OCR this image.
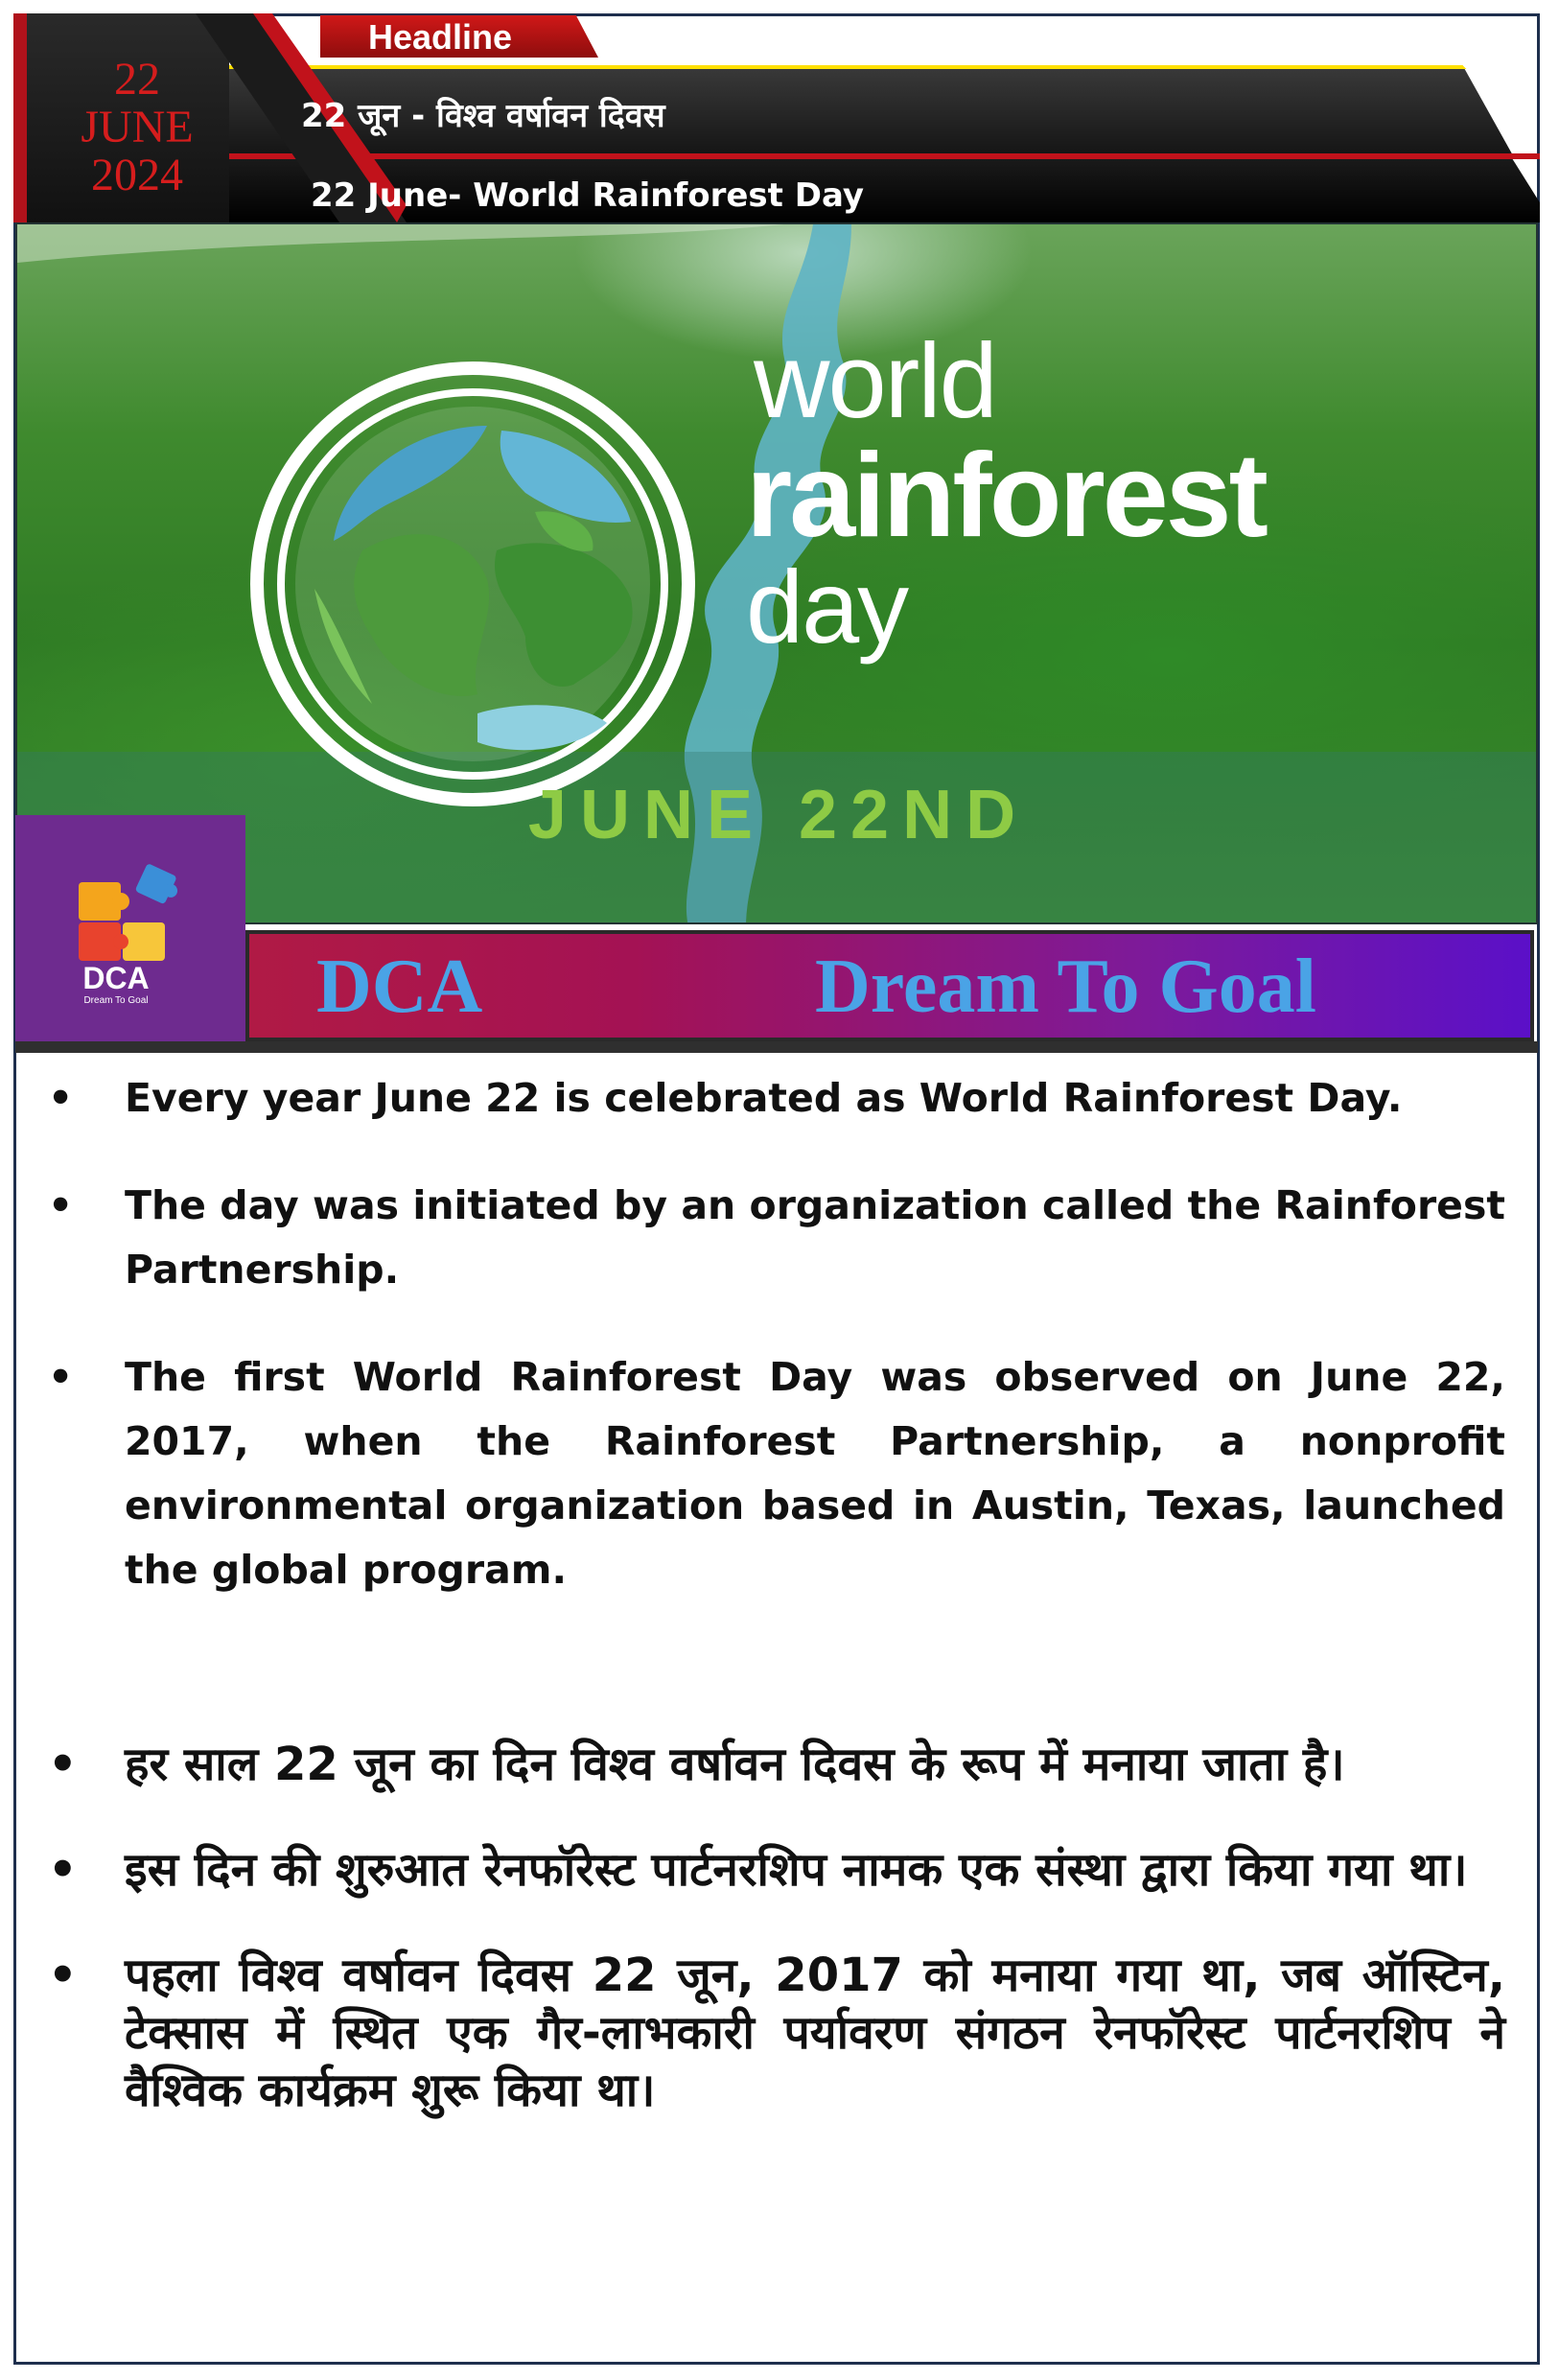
Headline
22
JUNE
2024
22 जून - विश्व वर्षावन दिवस
22 June- World Rainforest Day
world
rainforest
day
JUNE 22ND
DCA
Dream To Goal	DCA	Dream To Goal
• Every year June 22 is celebrated as World Rainforest Day.
• The day was initiated by an organization called the Rainforest Partnership.
• The first World Rainforest Day was observed on June 22, 2017, when the Rainforest Partnership, a nonprofit environmental organization based in Austin, Texas, launched the global program.
• हर साल 22 जून का दिन विश्व वर्षावन दिवस के रूप में मनाया जाता है।
• इस दिन की शुरुआत रेनफॉरेस्ट पार्टनरशिप नामक एक संस्था द्वारा किया गया था।
• पहला विश्व वर्षावन दिवस 22 जून, 2017 को मनाया गया था, जब ऑस्टिन, टेक्सास में स्थित एक गैर-लाभकारी पर्यावरण संगठन रेनफॉरेस्ट पार्टनरशिप ने वैश्विक कार्यक्रम शुरू किया था।
